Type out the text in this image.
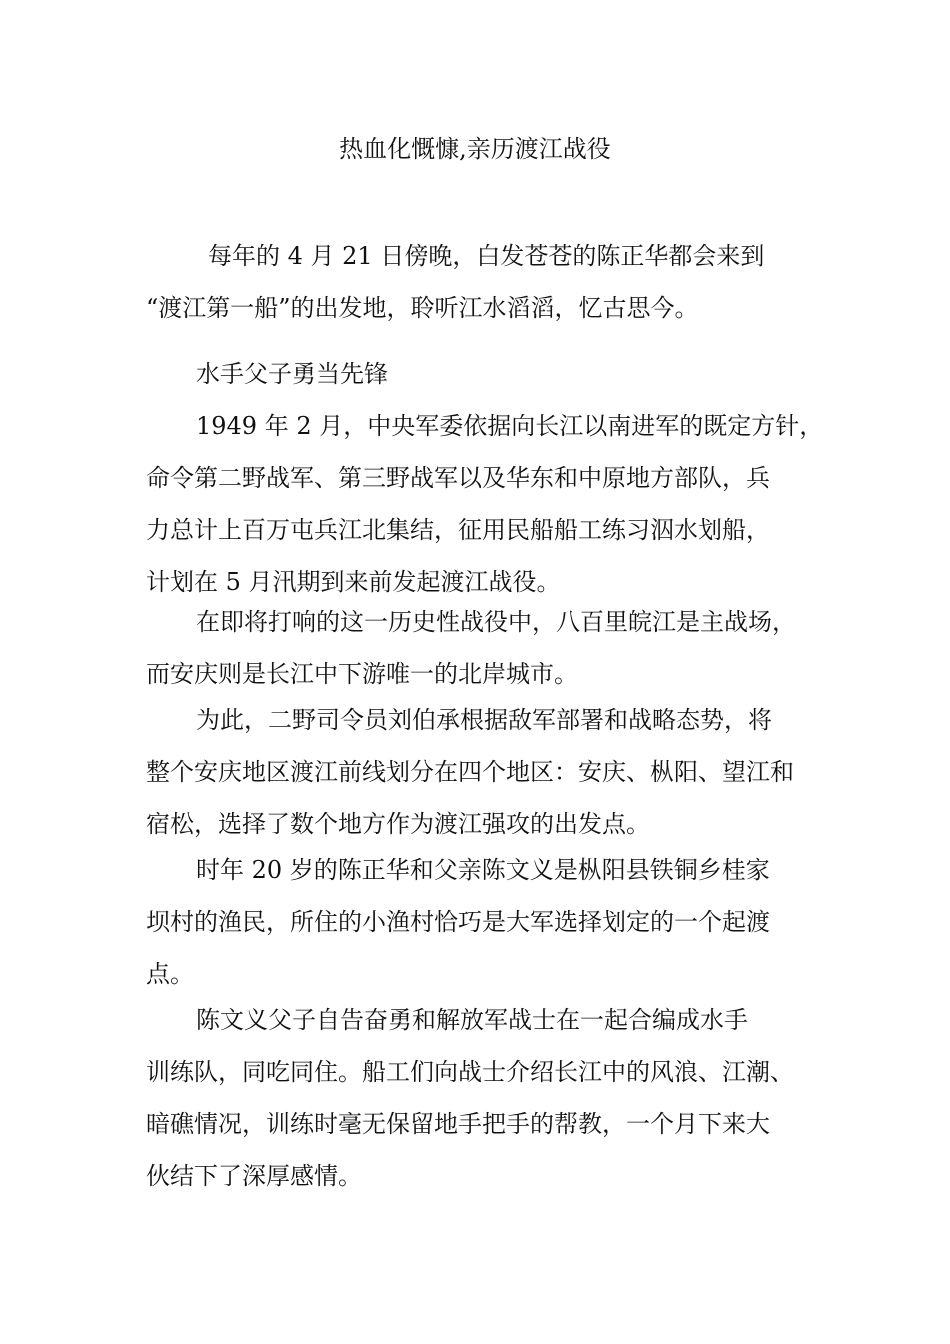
热血化慨慷,亲历渡江战役
每年的 4 月 21 日傍晚，白发苍苍的陈正华都会来到
“渡江第一船”的出发地，聆听江水滔滔，忆古思今。
水手父子勇当先锋
1949 年 2 月，中央军委依据向长江以南进军的既定方针，
命令第二野战军、第三野战军以及华东和中原地方部队，兵
力总计上百万屯兵江北集结，征用民船船工练习泅水划船，
计划在 5 月汛期到来前发起渡江战役。
在即将打响的这一历史性战役中，八百里皖江是主战场，
而安庆则是长江中下游唯一的北岸城市。
为此，二野司令员刘伯承根据敌军部署和战略态势，将
整个安庆地区渡江前线划分在四个地区：安庆、枞阳、望江和
宿松，选择了数个地方作为渡江强攻的出发点。
时年 20 岁的陈正华和父亲陈文义是枞阳县铁铜乡桂家
坝村的渔民，所住的小渔村恰巧是大军选择划定的一个起渡
点。
陈文义父子自告奋勇和解放军战士在一起合编成水手
训练队，同吃同住。船工们向战士介绍长江中的风浪、江潮、
暗礁情况，训练时毫无保留地手把手的帮教，一个月下来大
伙结下了深厚感情。
